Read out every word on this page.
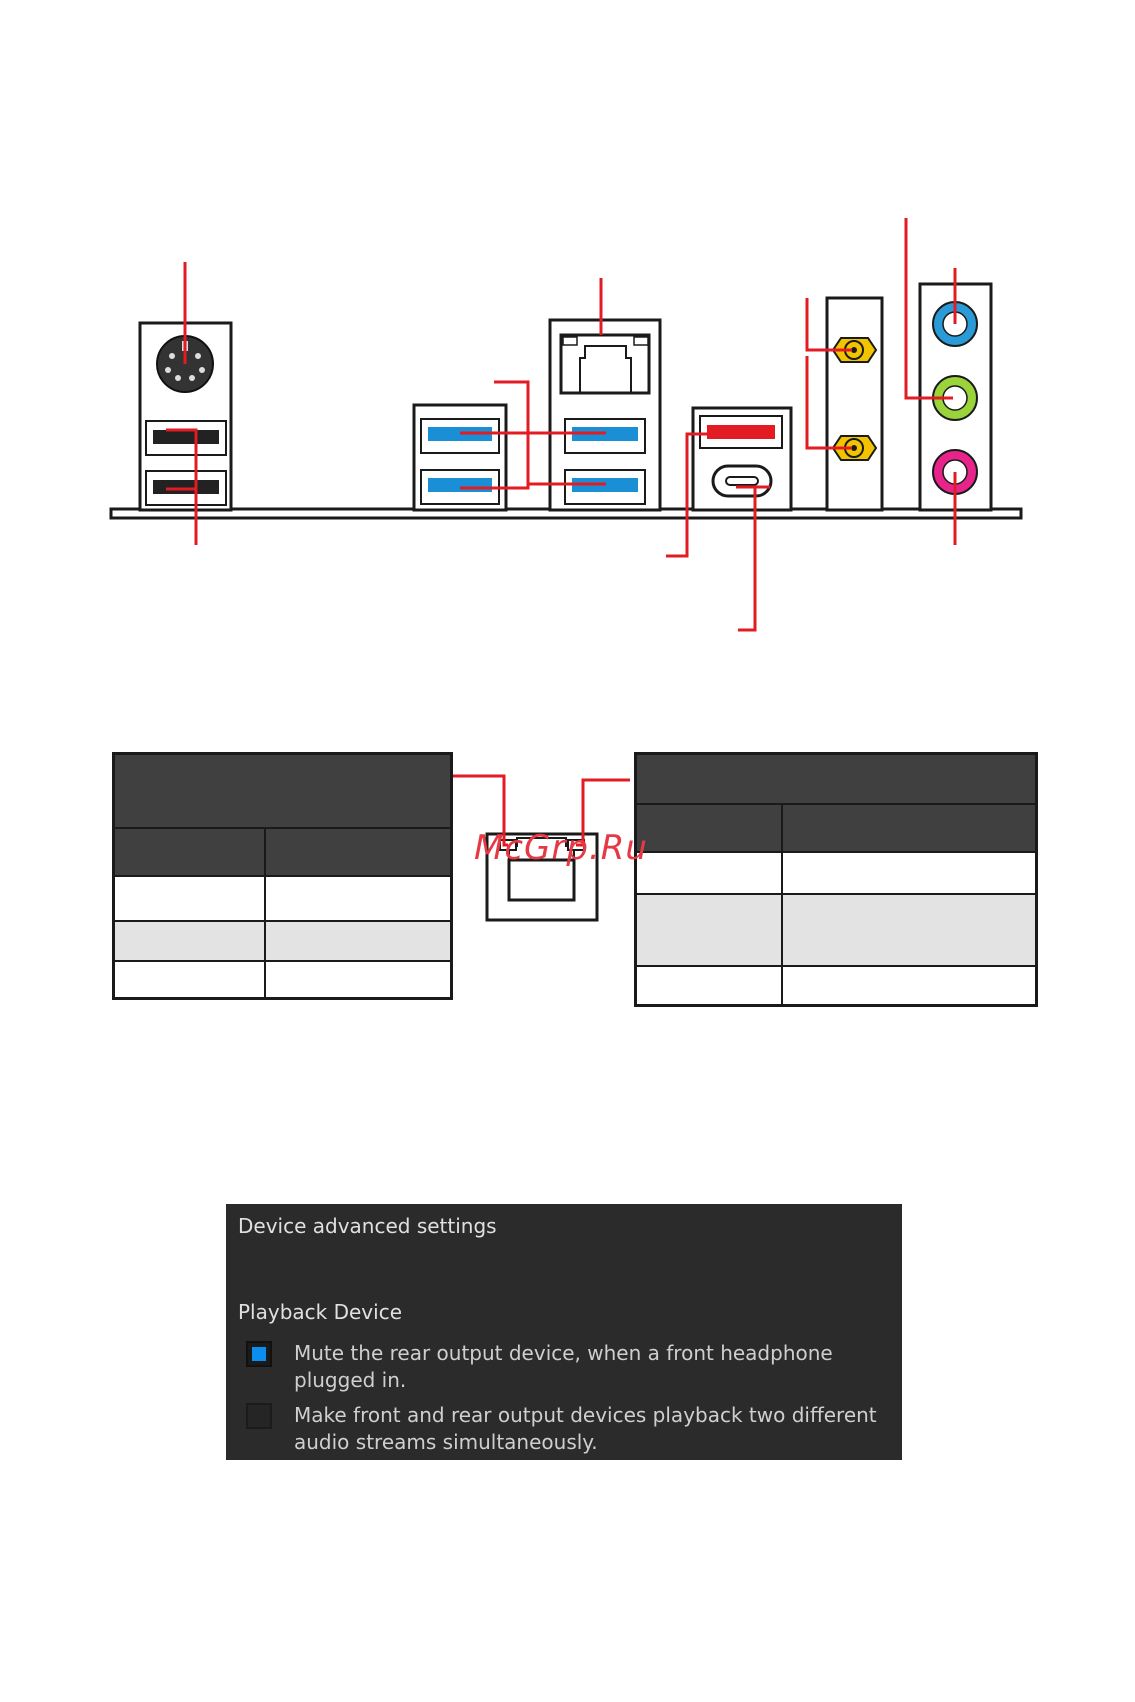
McGrp.Ru
Device advanced settings
Playback Device
Mute the rear output device, when a front headphone plugged in.
Make front and rear output devices playback two different audio streams simultaneously.
